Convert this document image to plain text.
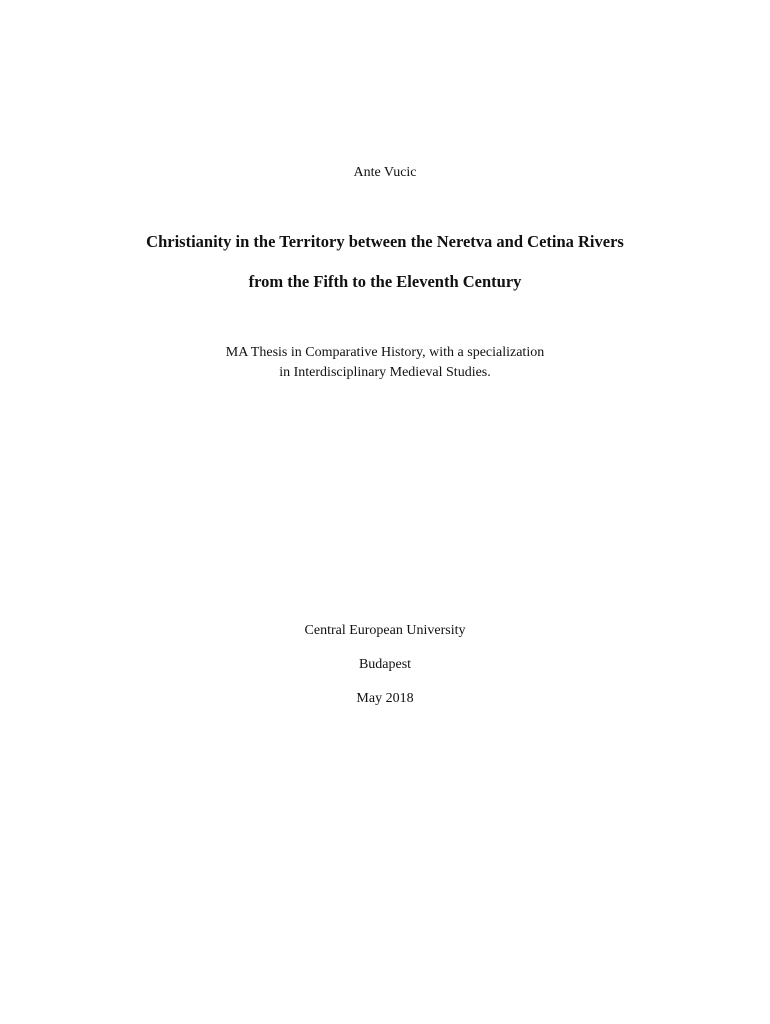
Ante Vucic
Christianity in the Territory between the Neretva and Cetina Rivers
from the Fifth to the Eleventh Century
MA Thesis in Comparative History, with a specialization
in Interdisciplinary Medieval Studies.
Central European University
Budapest
May 2018
